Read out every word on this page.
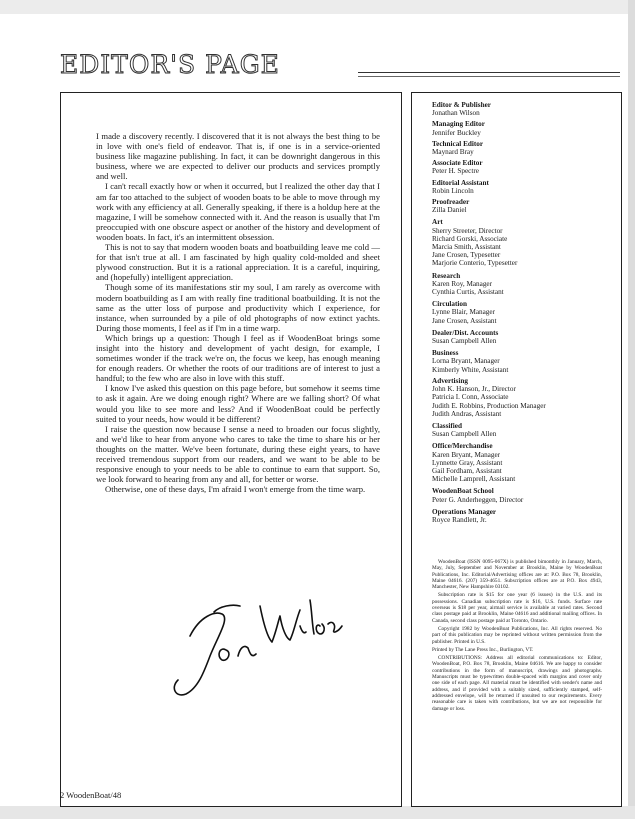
EDITOR'S PAGE

I made a discovery recently. I discovered that it is not always the best thing to be in love with one's field of endeavor. That is, if one is in a service-oriented business like magazine publishing. In fact, it can be downright dangerous in this business, where we are expected to deliver our products and services promptly and well.

I can't recall exactly how or when it occurred, but I realized the other day that I am far too attached to the subject of wooden boats to be able to move through my work with any efficiency at all. Generally speaking, if there is a holdup here at the magazine, I will be somehow connected with it. And the reason is usually that I'm preoccupied with one obscure aspect or another of the history and development of wooden boats. In fact, it's an intermittent obsession.

This is not to say that modern wooden boats and boatbuilding leave me cold — for that isn't true at all. I am fascinated by high quality cold-molded and sheet plywood construction. But it is a rational appreciation. It is a careful, inquiring, and (hopefully) intelligent appreciation.

Though some of its manifestations stir my soul, I am rarely as overcome with modern boatbuilding as I am with really fine traditional boatbuilding. It is not the same as the utter loss of purpose and productivity which I experience, for instance, when surrounded by a pile of old photographs of now extinct yachts. During those moments, I feel as if I'm in a time warp.

Which brings up a question: Though I feel as if WoodenBoat brings some insight into the history and development of yacht design, for example, I sometimes wonder if the track we're on, the focus we keep, has enough meaning for enough readers. Or whether the roots of our traditions are of interest to just a handful; to the few who are also in love with this stuff.

I know I've asked this question on this page before, but somehow it seems time to ask it again. Are we doing enough right? Where are we falling short? Of what would you like to see more and less? And if WoodenBoat could be perfectly suited to your needs, how would it be different?

I raise the question now because I sense a need to broaden our focus slightly, and we'd like to hear from anyone who cares to take the time to share his or her thoughts on the matter. We've been fortunate, during these eight years, to have received tremendous support from our readers, and we want to be able to be responsive enough to your needs to be able to continue to earn that support. So, we look forward to hearing from any and all, for better or worse.

Otherwise, one of these days, I'm afraid I won't emerge from the time warp.

Editor & Publisher
Jonathan Wilson
Managing Editor
Jennifer Buckley
Technical Editor
Maynard Bray
Associate Editor
Peter H. Spectre
Editorial Assistant
Robin Lincoln
Proofreader
Zilla Daniel
Art
Sherry Streeter, Director
Richard Gorski, Associate
Marcia Smith, Assistant
Jane Crosen, Typesetter
Marjorie Conterio, Typesetter
Research
Karen Roy, Manager
Cynthia Curtis, Assistant
Circulation
Lynne Blair, Manager
Jane Crosen, Assistant
Dealer/Dist. Accounts
Susan Campbell Allen
Business
Lorna Bryant, Manager
Kimberly White, Assistant
Advertising
John K. Hanson, Jr., Director
Patricia I. Conn, Associate
Judith E. Robbins, Production Manager
Judith Andras, Assistant
Classified
Susan Campbell Allen
Office/Merchandise
Karen Bryant, Manager
Lynnette Gray, Assistant
Gail Fordham, Assistant
Michelle Lamprell, Assistant
WoodenBoat School
Peter G. Anderheggen, Director
Operations Manager
Royce Randlett, Jr.

WoodenBoat (ISSN 0095-067X) is published bimonthly in January, March, May, July, September and November at Brooklin, Maine by WoodenBoat Publications, Inc. Editorial/Advertising offices are at: P.O. Box 78, Brooklin, Maine 04616. (207) 359-4651. Subscription offices are at P.O. Box 4943, Manchester, New Hampshire 03102.

Subscription rate is $15 for one year (6 issues) in the U.S. and its possessions. Canadian subscription rate is $16, U.S. funds. Surface rate overseas is $18 per year, airmail service is available at varied rates. Second class postage paid at Brooklin, Maine 04616 and additional mailing offices. In Canada, second class postage paid at Toronto, Ontario.

Copyright 1982 by WoodenBoat Publications, Inc. All rights reserved. No part of this publication may be reprinted without written permission from the publisher. Printed in U.S.

Printed by The Lane Press Inc., Burlington, VT.

CONTRIBUTIONS: Address all editorial communications to: Editor, WoodenBoat, P.O. Box 78, Brooklin, Maine 04616. We are happy to consider contributions in the form of manuscript, drawings and photographs. Manuscripts must be typewritten double-spaced with margins and cover only one side of each page. All material must be identified with sender's name and address, and if provided with a suitably sized, sufficiently stamped, self-addressed envelope, will be returned if unsuited to our requirements. Every reasonable care is taken with contributions, but we are not responsible for damage or loss.

2 WoodenBoat/48
